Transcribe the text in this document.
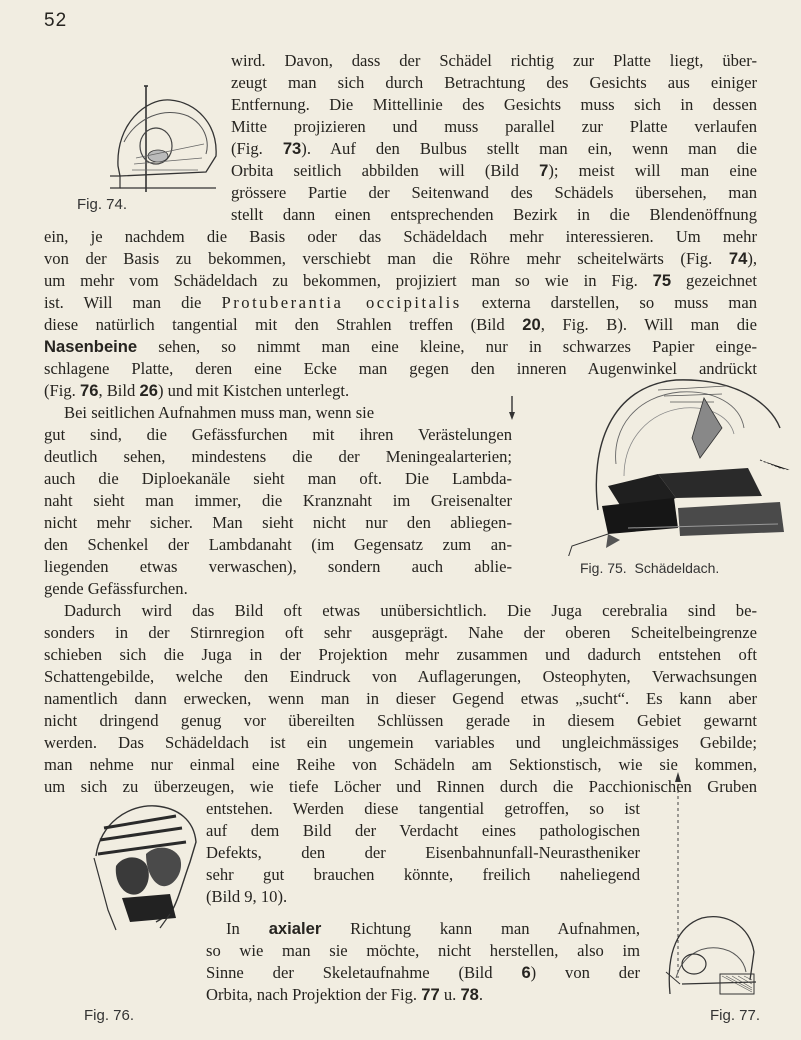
52
Fig. 74.
Fig. 75. Schädeldach.
Fig. 76.	Fig. 77.
wird. Davon, dass der Schädel richtig zur Platte liegt, über-
zeugt man sich durch Betrachtung des Gesichts aus einiger
Entfernung. Die Mittellinie des Gesichts muss sich in dessen
Mitte projizieren und muss parallel zur Platte verlaufen
(Fig. 73). Auf den Bulbus stellt man ein, wenn man die
Orbita seitlich abbilden will (Bild 7); meist will man eine
grössere Partie der Seitenwand des Schädels übersehen, man
stellt dann einen entsprechenden Bezirk in die Blendenöffnung
ein, je nachdem die Basis oder das Schädeldach mehr interessieren. Um mehr
von der Basis zu bekommen, verschiebt man die Röhre mehr scheitelwärts (Fig. 74),
um mehr vom Schädeldach zu bekommen, projiziert man so wie in Fig. 75 gezeichnet
ist. Will man die Protuberantia occipitalis externa darstellen, so muss man
diese natürlich tangential mit den Strahlen treffen (Bild 20, Fig. B). Will man die
Nasenbeine sehen, so nimmt man eine kleine, nur in schwarzes Papier einge-
schlagene Platte, deren eine Ecke man gegen den inneren Augenwinkel andrückt
(Fig. 76, Bild 26) und mit Kistchen unterlegt.
Bei seitlichen Aufnahmen muss man, wenn sie
gut sind, die Gefässfurchen mit ihren Verästelungen
deutlich sehen, mindestens die der Meningealarterien;
auch die Diploekanäle sieht man oft. Die Lambda-
naht sieht man immer, die Kranznaht im Greisenalter
nicht mehr sicher. Man sieht nicht nur den abliegen-
den Schenkel der Lambdanaht (im Gegensatz zum an-
liegenden etwas verwaschen), sondern auch ablie-
gende Gefässfurchen.
Dadurch wird das Bild oft etwas unübersichtlich. Die Juga cerebralia sind be-
sonders in der Stirnregion oft sehr ausgeprägt. Nahe der oberen Scheitelbeingrenze
schieben sich die Juga in der Projektion mehr zusammen und dadurch entstehen oft
Schattengebilde, welche den Eindruck von Auflagerungen, Osteophyten, Verwachsungen
namentlich dann erwecken, wenn man in dieser Gegend etwas „sucht“. Es kann aber
nicht dringend genug vor übereilten Schlüssen gerade in diesem Gebiet gewarnt
werden. Das Schädeldach ist ein ungemein variables und ungleichmässiges Gebilde;
man nehme nur einmal eine Reihe von Schädeln am Sektionstisch, wie sie kommen,
um sich zu überzeugen, wie tiefe Löcher und Rinnen durch die Pacchionischen Gruben
entstehen. Werden diese tangential getroffen, so ist
auf dem Bild der Verdacht eines pathologischen
Defekts, den der Eisenbahnunfall-Neurastheniker
sehr gut brauchen könnte, freilich naheliegend
(Bild 9, 10).
In axialer Richtung kann man Aufnahmen,
so wie man sie möchte, nicht herstellen, also im
Sinne der Skeletaufnahme (Bild 6) von der
Orbita, nach Projektion der Fig. 77 u. 78.
